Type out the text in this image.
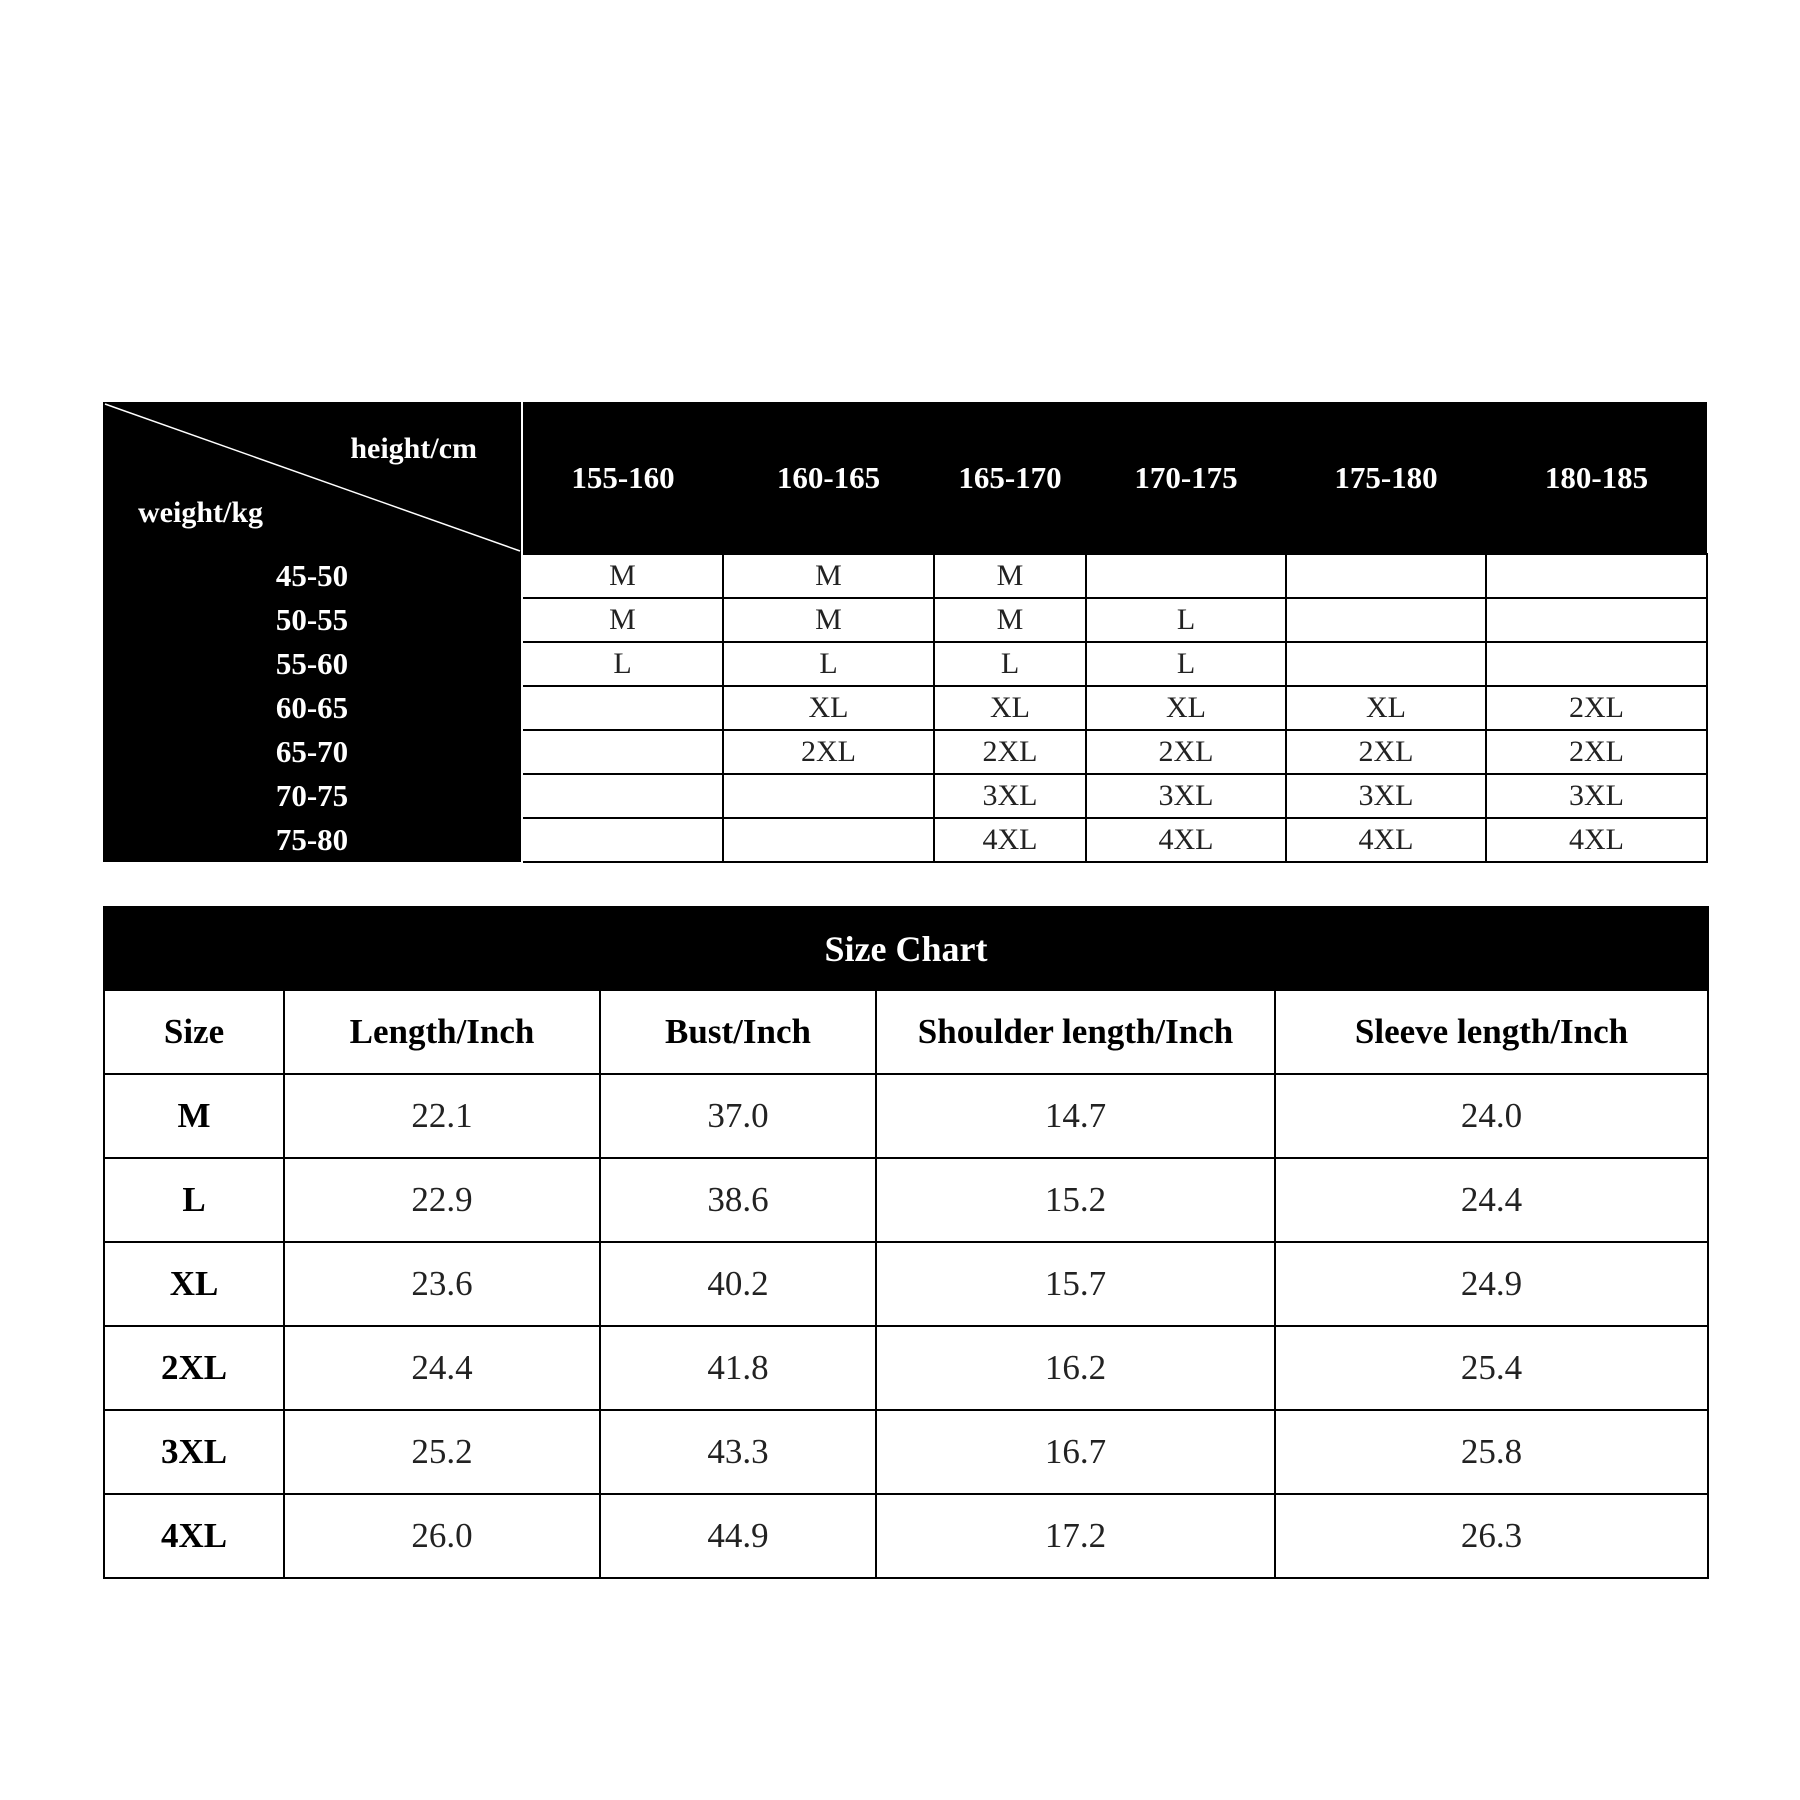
height/cm
weight/kg	155-160	160-165	165-170	170-175	175-180	180-185
45-50	M	M	M			
50-55	M	M	M	L		
55-60	L	L	L	L		
60-65		XL	XL	XL	XL	2XL
65-70		2XL	2XL	2XL	2XL	2XL
70-75			3XL	3XL	3XL	3XL
75-80			4XL	4XL	4XL	4XL
Size Chart				
Size	Length/Inch	Bust/Inch	Shoulder length/Inch	Sleeve length/Inch
M	22.1	37.0	14.7	24.0
L	22.9	38.6	15.2	24.4
XL	23.6	40.2	15.7	24.9
2XL	24.4	41.8	16.2	25.4
3XL	25.2	43.3	16.7	25.8
4XL	26.0	44.9	17.2	26.3
